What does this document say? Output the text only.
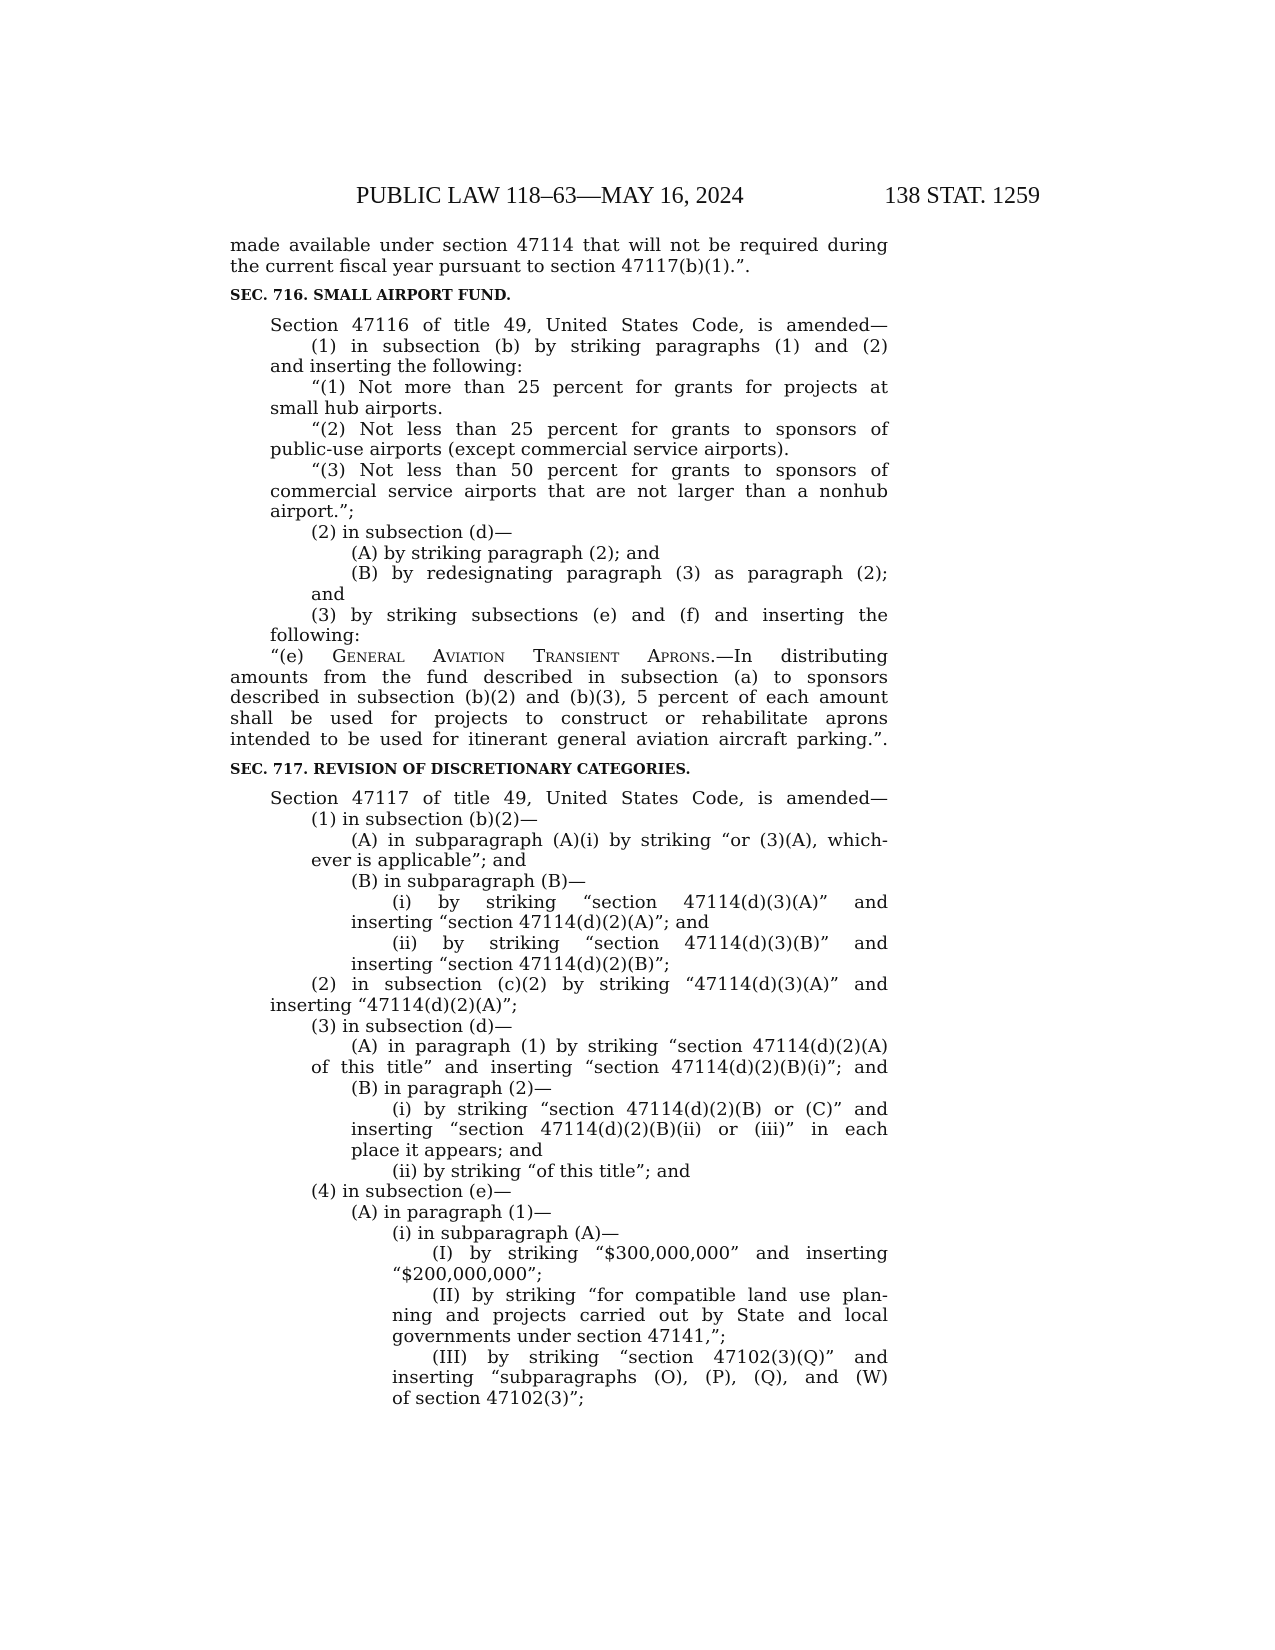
PUBLIC LAW 118–63—MAY 16, 2024	138 STAT. 1259
made available under section 47114 that will not be required during
the current fiscal year pursuant to section 47117(b)(1).”.
SEC. 716. SMALL AIRPORT FUND.
Section 47116 of title 49, United States Code, is amended—
(1) in subsection (b) by striking paragraphs (1) and (2)
and inserting the following:
“(1) Not more than 25 percent for grants for projects at
small hub airports.
“(2) Not less than 25 percent for grants to sponsors of
public-use airports (except commercial service airports).
“(3) Not less than 50 percent for grants to sponsors of
commercial service airports that are not larger than a nonhub
airport.”;
(2) in subsection (d)—
(A) by striking paragraph (2); and
(B) by redesignating paragraph (3) as paragraph (2);
and
(3) by striking subsections (e) and (f) and inserting the
following:
“(e) General Aviation Transient Aprons.—In distributing
amounts from the fund described in subsection (a) to sponsors
described in subsection (b)(2) and (b)(3), 5 percent of each amount
shall be used for projects to construct or rehabilitate aprons
intended to be used for itinerant general aviation aircraft parking.”.
SEC. 717. REVISION OF DISCRETIONARY CATEGORIES.
Section 47117 of title 49, United States Code, is amended—
(1) in subsection (b)(2)—
(A) in subparagraph (A)(i) by striking “or (3)(A), which-
ever is applicable”; and
(B) in subparagraph (B)—
(i) by striking “section 47114(d)(3)(A)” and
inserting “section 47114(d)(2)(A)”; and
(ii) by striking “section 47114(d)(3)(B)” and
inserting “section 47114(d)(2)(B)”;
(2) in subsection (c)(2) by striking “47114(d)(3)(A)” and
inserting “47114(d)(2)(A)”;
(3) in subsection (d)—
(A) in paragraph (1) by striking “section 47114(d)(2)(A)
of this title” and inserting “section 47114(d)(2)(B)(i)”; and
(B) in paragraph (2)—
(i) by striking “section 47114(d)(2)(B) or (C)” and
inserting “section 47114(d)(2)(B)(ii) or (iii)” in each
place it appears; and
(ii) by striking “of this title”; and
(4) in subsection (e)—
(A) in paragraph (1)—
(i) in subparagraph (A)—
(I) by striking “$300,000,000” and inserting
“$200,000,000”;
(II) by striking “for compatible land use plan-
ning and projects carried out by State and local
governments under section 47141,”;
(III) by striking “section 47102(3)(Q)” and
inserting “subparagraphs (O), (P), (Q), and (W)
of section 47102(3)”;
